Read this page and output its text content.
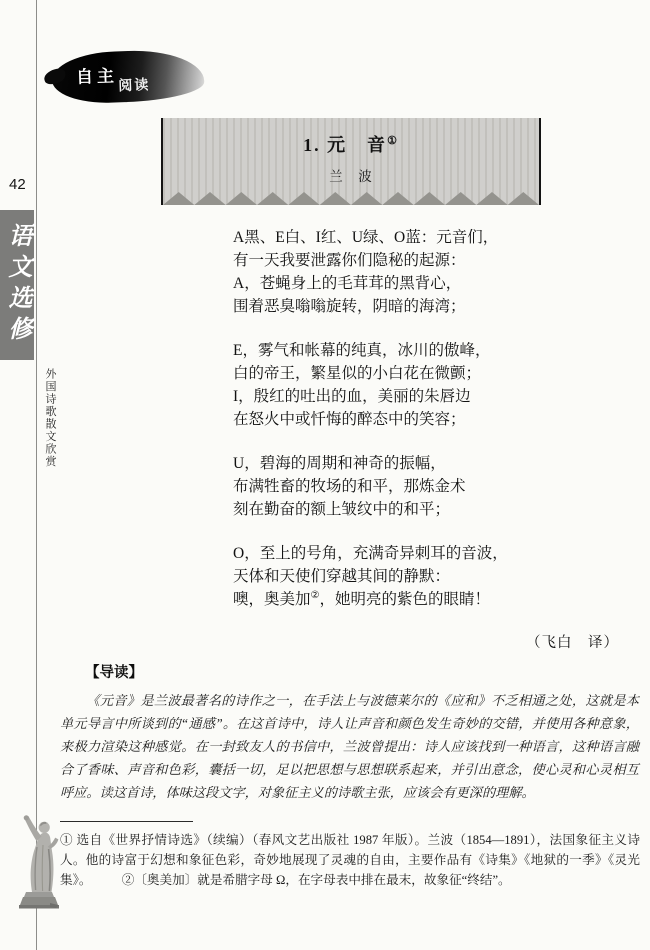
42
自主 阅读
语文选修
外国诗歌散文欣赏
1. 元　音①
兰　波
A黑、E白、I红、U绿、O蓝：元音们，
有一天我要泄露你们隐秘的起源：
A，苍蝇身上的毛茸茸的黑背心，
围着恶臭嗡嗡旋转，阴暗的海湾；
E，雾气和帐幕的纯真，冰川的傲峰，
白的帝王，繁星似的小白花在微颤；
I，殷红的吐出的血，美丽的朱唇边
在怒火中或忏悔的醉态中的笑容；
U，碧海的周期和神奇的振幅，
布满牲畜的牧场的和平，那炼金术
刻在勤奋的额上皱纹中的和平；
O，至上的号角，充满奇异刺耳的音波，
天体和天使们穿越其间的静默：
噢，奥美加②，她明亮的紫色的眼睛！
（飞白　译）
【导读】
《元音》是兰波最著名的诗作之一，在手法上与波德莱尔的《应和》不乏相通之处，这就是本单元导言中所谈到的“通感”。在这首诗中，诗人让声音和颜色发生奇妙的交错，并使用各种意象，来极力渲染这种感觉。在一封致友人的书信中，兰波曾提出：诗人应该找到一种语言，这种语言融合了香味、声音和色彩，囊括一切，足以把思想与思想联系起来，并引出意念，使心灵和心灵相互呼应。读这首诗，体味这段文字，对象征主义的诗歌主张，应该会有更深的理解。
① 选自《世界抒情诗选》（续编）（春风文艺出版社 1987 年版）。兰波（1854—1891），法国象征主义诗人。他的诗富于幻想和象征色彩，奇妙地展现了灵魂的自由，主要作品有《诗集》《地狱的一季》《灵光集》。 ②〔奥美加〕就是希腊字母 Ω，在字母表中排在最末，故象征“终结”。
